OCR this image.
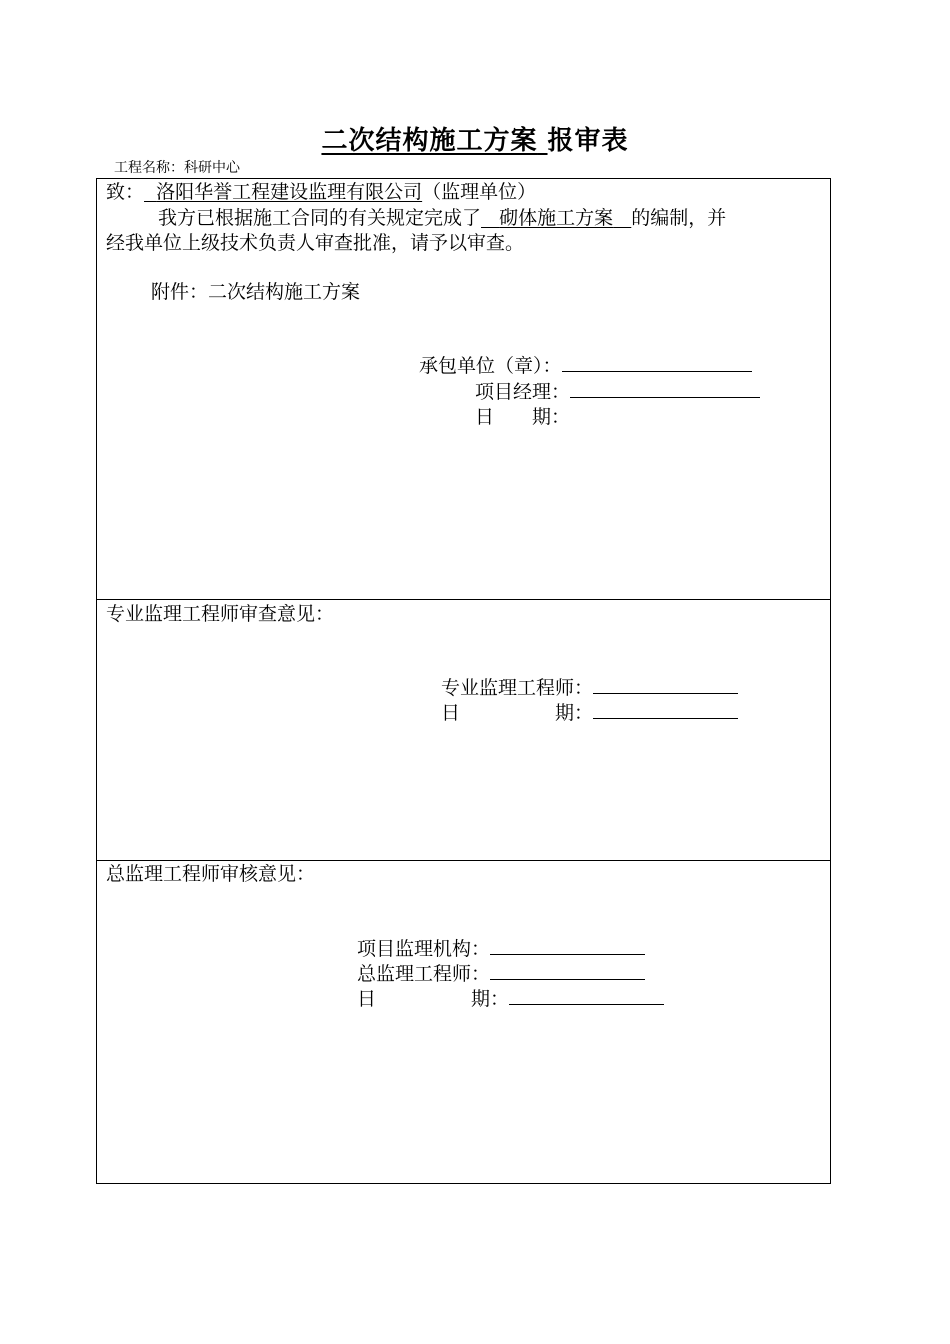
二次结构施工方案 报审表
工程名称：科研中心
致： 洛阳华誉工程建设监理有限公司（监理单位）
我方已根据施工合同的有关规定完成了 砌体施工方案 的编制，并
经我单位上级技术负责人审查批准，请予以审查。
附件：二次结构施工方案
承包单位（章）：
项目经理：
日　　期：
专业监理工程师审查意见：
专业监理工程师：
日　　　　　期：
总监理工程师审核意见：
项目监理机构：
总监理工程师：
日　　　　　期：
